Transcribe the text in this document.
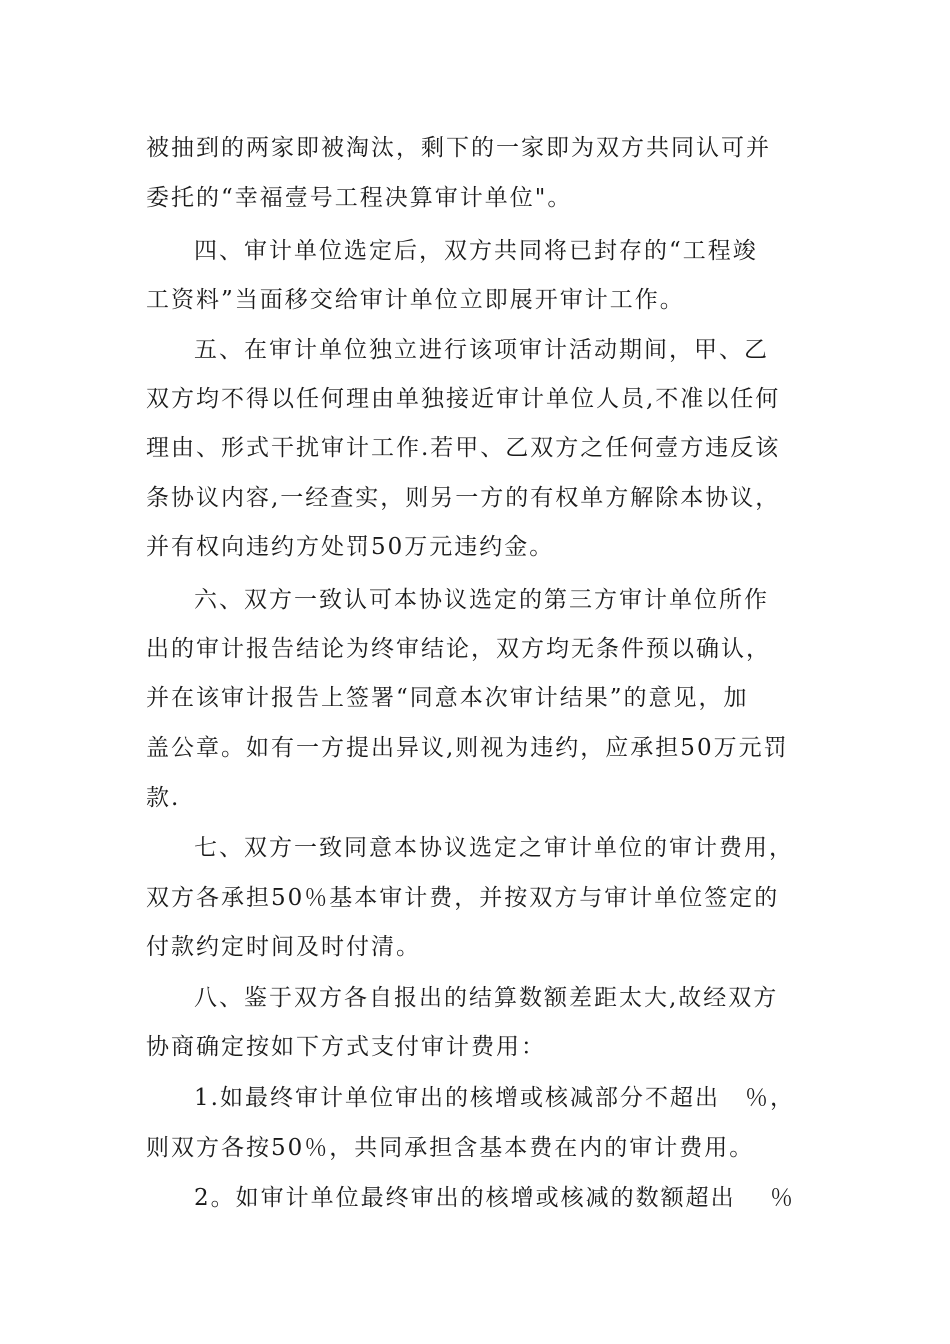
被抽到的两家即被淘汰，剩下的一家即为双方共同认可并
委托的“幸福壹号工程决算审计单位"。
四、审计单位选定后，双方共同将已封存的“工程竣
工资料”当面移交给审计单位立即展开审计工作。
五、在审计单位独立进行该项审计活动期间，甲、乙
双方均不得以任何理由单独接近审计单位人员,不准以任何
理由、形式干扰审计工作.若甲、乙双方之任何壹方违反该
条协议内容,一经查实，则另一方的有权单方解除本协议，
并有权向违约方处罚50万元违约金。
六、双方一致认可本协议选定的第三方审计单位所作
出的审计报告结论为终审结论，双方均无条件预以确认，
并在该审计报告上签署“同意本次审计结果”的意见，加
盖公章。如有一方提出异议,则视为违约，应承担50万元罚
款.
七、双方一致同意本协议选定之审计单位的审计费用，
双方各承担50％基本审计费，并按双方与审计单位签定的
付款约定时间及时付清。
八、鉴于双方各自报出的结算数额差距太大,故经双方
协商确定按如下方式支付审计费用：
1.如最终审计单位审出的核增或核减部分不超出　％，
则双方各按50％，共同承担含基本费在内的审计费用。
2。如审计单位最终审出的核增或核减的数额超出　 ％
